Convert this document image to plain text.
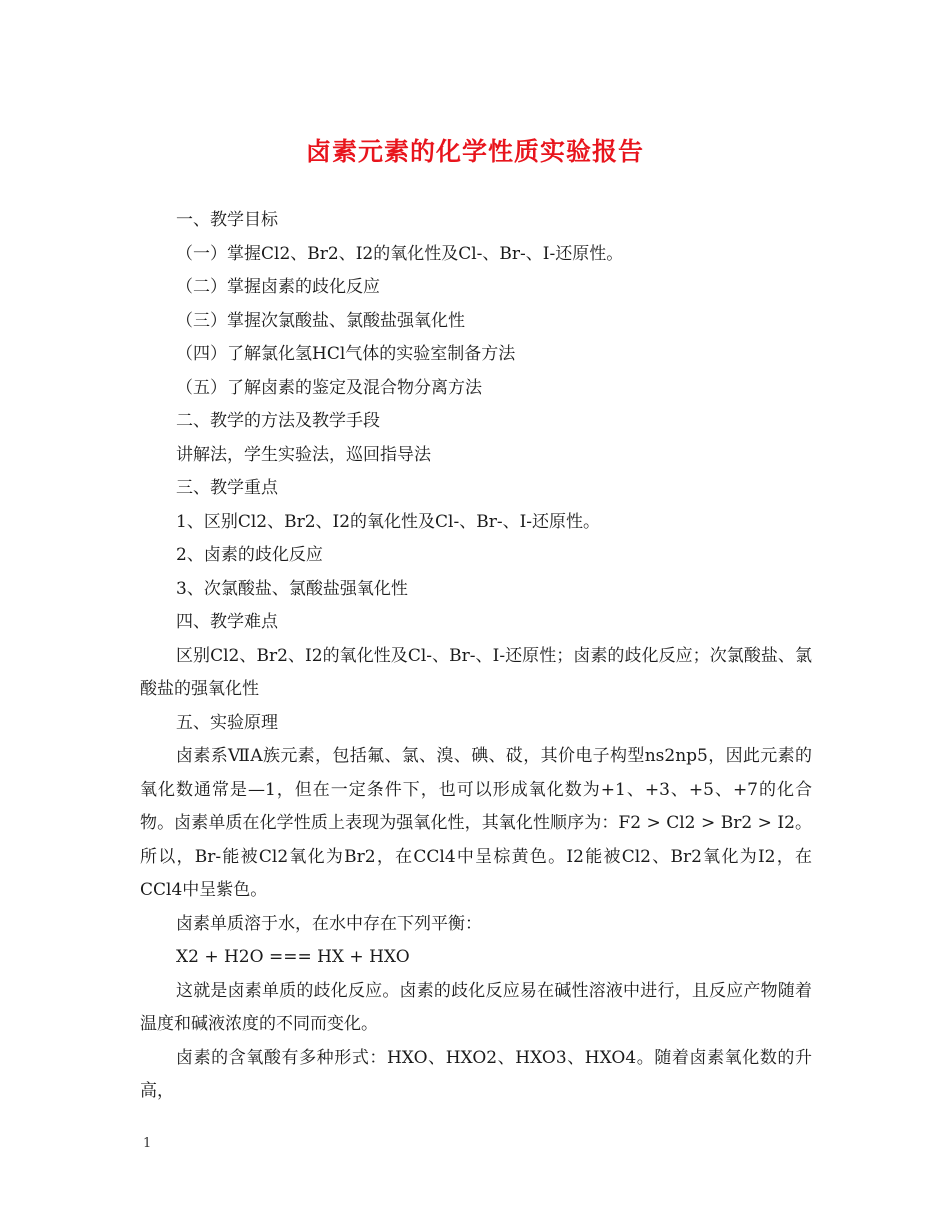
卤素元素的化学性质实验报告

一、教学目标

（一）掌握Cl2、Br2、I2的氧化性及Cl-、Br-、I-还原性。

（二）掌握卤素的歧化反应

（三）掌握次氯酸盐、氯酸盐强氧化性

（四）了解氯化氢HCl气体的实验室制备方法

（五）了解卤素的鉴定及混合物分离方法

二、教学的方法及教学手段

讲解法，学生实验法，巡回指导法

三、教学重点

1、区别Cl2、Br2、I2的氧化性及Cl-、Br-、I-还原性。

2、卤素的歧化反应

3、次氯酸盐、氯酸盐强氧化性

四、教学难点

区别Cl2、Br2、I2的氧化性及Cl-、Br-、I-还原性；卤素的歧化反应；次氯酸盐、氯酸盐的强氧化性

五、实验原理

卤素系ⅦA族元素，包括氟、氯、溴、碘、砹，其价电子构型ns2np5，因此元素的氧化数通常是—1，但在一定条件下，也可以形成氧化数为+1、+3、+5、+7的化合物。卤素单质在化学性质上表现为强氧化性，其氧化性顺序为：F2 > Cl2 > Br2 > I2。所以，Br-能被Cl2氧化为Br2，在CCl4中呈棕黄色。I2能被Cl2、Br2氧化为I2，在CCl4中呈紫色。

卤素单质溶于水，在水中存在下列平衡：

X2 + H2O === HX + HXO

这就是卤素单质的歧化反应。卤素的歧化反应易在碱性溶液中进行，且反应产物随着温度和碱液浓度的不同而变化。

卤素的含氧酸有多种形式：HXO、HXO2、HXO3、HXO4。随着卤素氧化数的升高，

1
